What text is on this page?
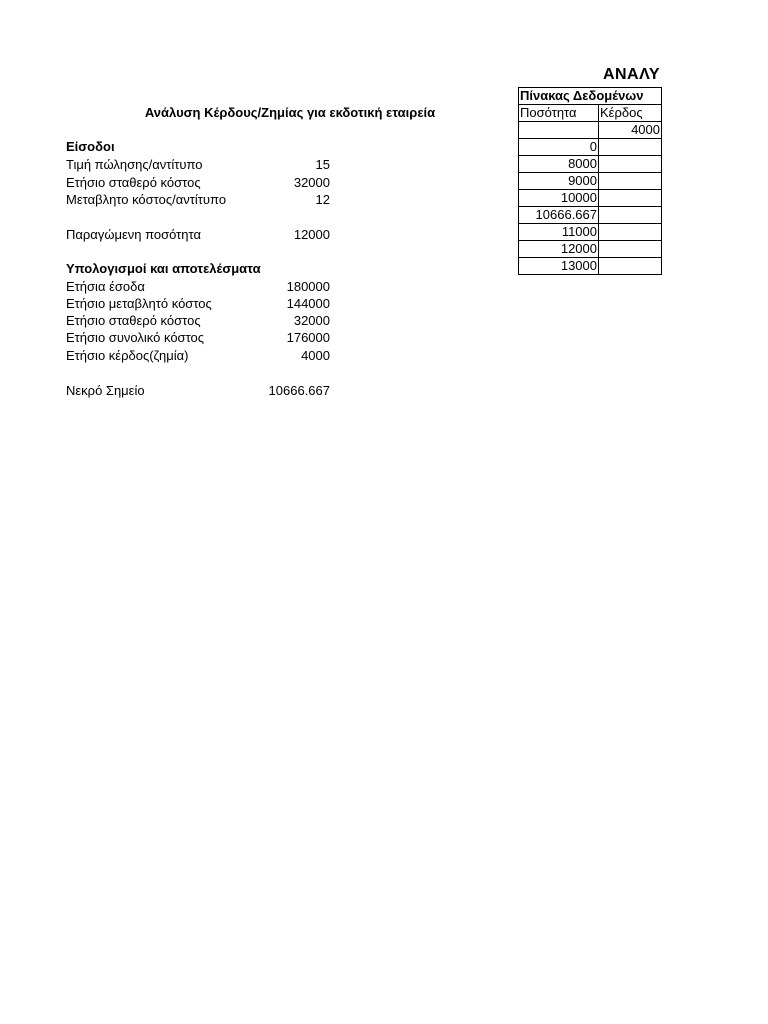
ΑΝΑΛΥ
Ανάλυση Κέρδους/Ζημίας για εκδοτική εταιρεία
Είσοδοι
Τιμή πώλησης/αντίτυπο	15
Ετήσιο σταθερό κόστος	32000
Μεταβλητο κόστος/αντίτυπο	12
Παραγώμενη ποσότητα	12000
Υπολογισμοί και αποτελέσματα
Ετήσια έσοδα	180000
Ετήσιο μεταβλητό κόστος	144000
Ετήσιο σταθερό κόστος	32000
Ετήσιο συνολικό κόστος	176000
Ετήσιο κέρδος(ζημία)	4000
Νεκρό Σημείο	10666.667
Πίνακας Δεδομένων	
Ποσότητα	Κέρδος
	4000
0	
8000	
9000	
10000	
10666.667	
11000	
12000	
13000	
